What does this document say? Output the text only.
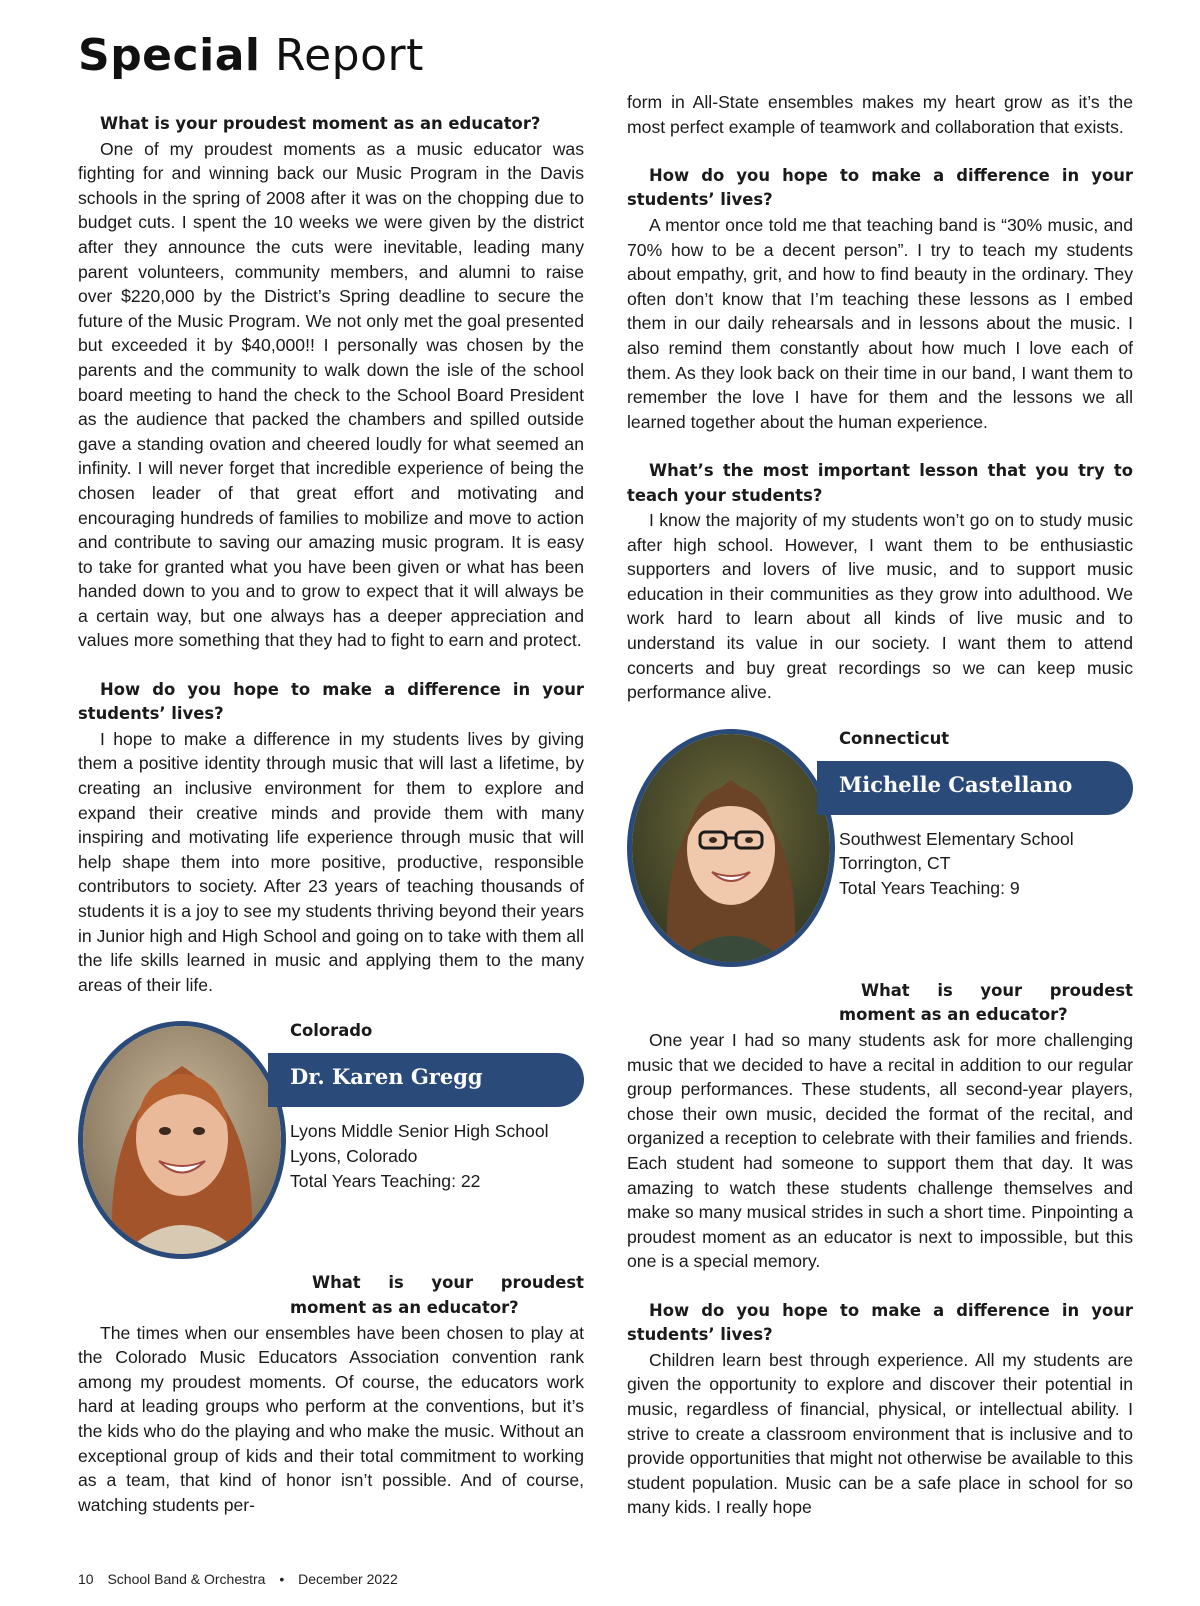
Special Report

What is your proudest moment as an educator?

One of my proudest moments as a music educator was fighting for and winning back our Music Program in the Davis schools in the spring of 2008 after it was on the chopping due to budget cuts. I spent the 10 weeks we were given by the district after they announce the cuts were inevitable, leading many parent volunteers, community members, and alumni to raise over $220,000 by the District’s Spring deadline to secure the future of the Music Program. We not only met the goal presented but exceeded it by $40,000!! I personally was chosen by the parents and the community to walk down the isle of the school board meeting to hand the check to the School Board President as the audience that packed the chambers and spilled outside gave a standing ovation and cheered loudly for what seemed an infinity. I will never forget that incredible experience of being the chosen leader of that great effort and motivating and encouraging hundreds of families to mobilize and move to action and contribute to saving our amazing music program. It is easy to take for granted what you have been given or what has been handed down to you and to grow to expect that it will always be a certain way, but one always has a deeper appreciation and values more something that they had to fight to earn and protect.

How do you hope to make a difference in your students’ lives?

I hope to make a difference in my students lives by giving them a positive identity through music that will last a lifetime, by creating an inclusive environment for them to explore and expand their creative minds and provide them with many inspiring and motivating life experience through music that will help shape them into more positive, productive, responsible contributors to society. After 23 years of teaching thousands of students it is a joy to see my students thriving beyond their years in Junior high and High School and going on to take with them all the life skills learned in music and applying them to the many areas of their life.

Colorado
Dr. Karen Gregg
Lyons Middle Senior High School
Lyons, Colorado
Total Years Teaching: 22

What is your proudest moment as an educator?

The times when our ensembles have been chosen to play at the Colorado Music Educators Association convention rank among my proudest moments. Of course, the educators work hard at leading groups who perform at the conventions, but it’s the kids who do the playing and who make the music. Without an exceptional group of kids and their total commitment to working as a team, that kind of honor isn’t possible. And of course, watching students per-

form in All-State ensembles makes my heart grow as it’s the most perfect example of teamwork and collaboration that exists.

How do you hope to make a difference in your students’ lives?

A mentor once told me that teaching band is “30% music, and 70% how to be a decent person”. I try to teach my students about empathy, grit, and how to find beauty in the ordinary. They often don’t know that I’m teaching these lessons as I embed them in our daily rehearsals and in lessons about the music. I also remind them constantly about how much I love each of them. As they look back on their time in our band, I want them to remember the love I have for them and the lessons we all learned together about the human experience.

What’s the most important lesson that you try to teach your students?

I know the majority of my students won’t go on to study music after high school. However, I want them to be enthusiastic supporters and lovers of live music, and to support music education in their communities as they grow into adulthood. We work hard to learn about all kinds of live music and to understand its value in our society. I want them to attend concerts and buy great recordings so we can keep music performance alive.

Connecticut
Michelle Castellano
Southwest Elementary School
Torrington, CT
Total Years Teaching: 9

What is your proudest moment as an educator?

One year I had so many students ask for more challenging music that we decided to have a recital in addition to our regular group performances. These students, all second-year players, chose their own music, decided the format of the recital, and organized a reception to celebrate with their families and friends. Each student had someone to support them that day. It was amazing to watch these students challenge themselves and make so many musical strides in such a short time. Pinpointing a proudest moment as an educator is next to impossible, but this one is a special memory.

How do you hope to make a difference in your students’ lives?

Children learn best through experience. All my students are given the opportunity to explore and discover their potential in music, regardless of financial, physical, or intellectual ability. I strive to create a classroom environment that is inclusive and to provide opportunities that might not otherwise be available to this student population. Music can be a safe place in school for so many kids. I really hope

10 School Band & Orchestra • December 2022
